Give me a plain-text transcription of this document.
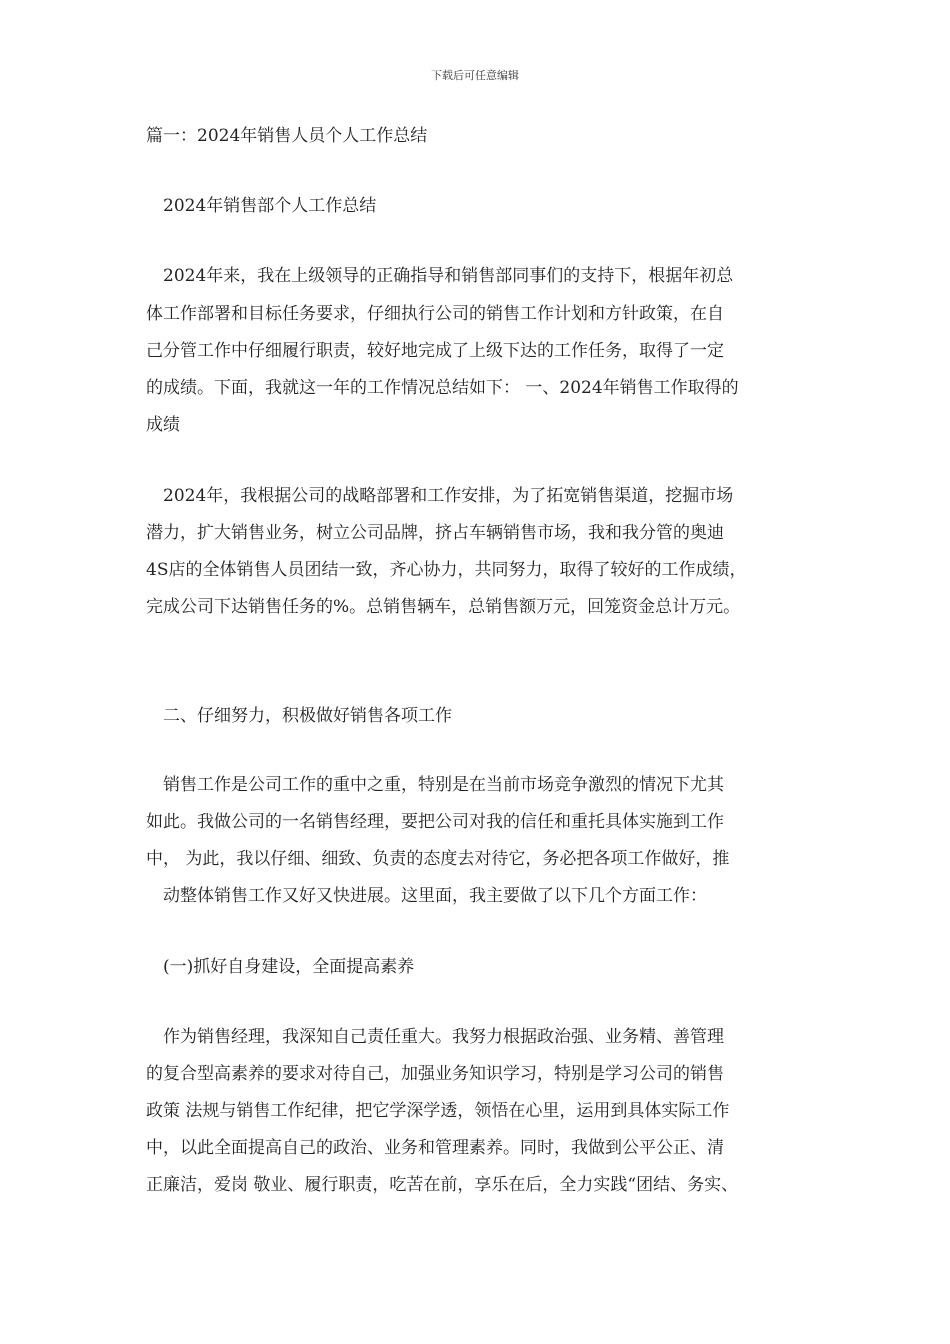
下载后可任意编辑
篇一：2024年销售人员个人工作总结
2024年销售部个人工作总结
2024年来，我在上级领导的正确指导和销售部同事们的支持下，根据年初总
体工作部署和目标任务要求，仔细执行公司的销售工作计划和方针政策，在自
己分管工作中仔细履行职责，较好地完成了上级下达的工作任务，取得了一定
的成绩。下面，我就这一年的工作情况总结如下： 一、2024年销售工作取得的
成绩
2024年，我根据公司的战略部署和工作安排，为了拓宽销售渠道，挖掘市场
潜力，扩大销售业务，树立公司品牌，挤占车辆销售市场，我和我分管的奥迪
4S店的全体销售人员团结一致，齐心协力，共同努力，取得了较好的工作成绩，
完成公司下达销售任务的%。总销售辆车，总销售额万元，回笼资金总计万元。
二、仔细努力，积极做好销售各项工作
销售工作是公司工作的重中之重，特别是在当前市场竞争激烈的情况下尤其
如此。我做公司的一名销售经理，要把公司对我的信任和重托具体实施到工作
中， 为此，我以仔细、细致、负责的态度去对待它，务必把各项工作做好，推
动整体销售工作又好又快进展。这里面，我主要做了以下几个方面工作：
(一)抓好自身建设，全面提高素养
作为销售经理，我深知自己责任重大。我努力根据政治强、业务精、善管理
的复合型高素养的要求对待自己，加强业务知识学习，特别是学习公司的销售
政策 法规与销售工作纪律，把它学深学透，领悟在心里，运用到具体实际工作
中，以此全面提高自己的政治、业务和管理素养。同时，我做到公平公正、清
正廉洁，爱岗 敬业、履行职责，吃苦在前，享乐在后，全力实践“团结、务实、
